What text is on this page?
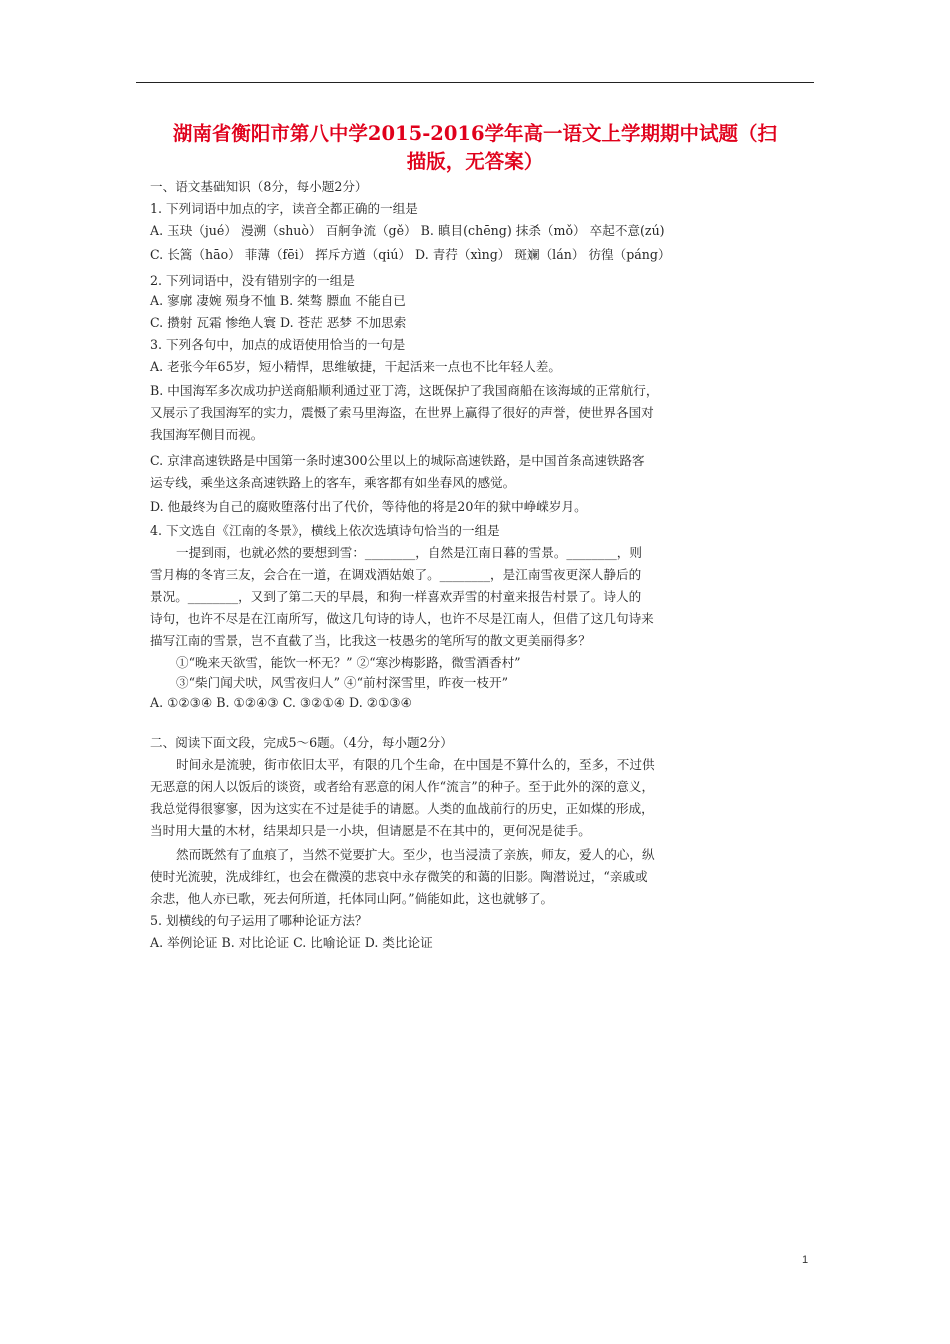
湖南省衡阳市第八中学2015-2016学年高一语文上学期期中试题（扫
描版，无答案）
一、语文基础知识（8分，每小题2分）
1. 下列词语中加点的字，读音全都正确的一组是
A. 玉玦（jué） 漫溯（shuò） 百舸争流（gě） B. 瞋目(chēng) 抹杀（mǒ） 卒起不意(zú)
C. 长篙（hāo） 菲薄（fēi） 挥斥方遒（qiú） D. 青荇（xìng） 斑斓（lán） 彷徨（páng）
2. 下列词语中，没有错别字的一组是
A. 寥廓 凄婉 殒身不恤 B. 桀骜 膘血 不能自已
C. 攒射 瓦霜 惨绝人寰 D. 苍茫 恶梦 不加思索
3. 下列各句中，加点的成语使用恰当的一句是
A. 老张今年65岁，短小精悍，思维敏捷，干起活来一点也不比年轻人差。
B. 中国海军多次成功护送商船顺利通过亚丁湾，这既保护了我国商船在该海域的正常航行，
又展示了我国海军的实力，震慑了索马里海盗，在世界上赢得了很好的声誉，使世界各国对
我国海军侧目而视。
C. 京津高速铁路是中国第一条时速300公里以上的城际高速铁路，是中国首条高速铁路客
运专线，乘坐这条高速铁路上的客车，乘客都有如坐春风的感觉。
D. 他最终为自己的腐败堕落付出了代价，等待他的将是20年的狱中峥嵘岁月。
4. 下文选自《江南的冬景》，横线上依次选填诗句恰当的一组是
一提到雨，也就必然的要想到雪：________，自然是江南日暮的雪景。________，则
雪月梅的冬宵三友，会合在一道，在调戏酒姑娘了。________，是江南雪夜更深人静后的
景况。________，又到了第二天的早晨，和狗一样喜欢弄雪的村童来报告村景了。诗人的
诗句，也许不尽是在江南所写，做这几句诗的诗人，也许不尽是江南人，但借了这几句诗来
描写江南的雪景，岂不直截了当，比我这一枝愚劣的笔所写的散文更美丽得多？
①“晚来天欲雪，能饮一杯无？” ②“寒沙梅影路，微雪酒香村”
③“柴门闻犬吠，风雪夜归人” ④“前村深雪里，昨夜一枝开”
A. ①②③④ B. ①②④③ C. ③②①④ D. ②①③④
二、阅读下面文段，完成5～6题。（4分，每小题2分）
时间永是流驶，街市依旧太平，有限的几个生命，在中国是不算什么的，至多，不过供
无恶意的闲人以饭后的谈资，或者给有恶意的闲人作“流言”的种子。至于此外的深的意义，
我总觉得很寥寥，因为这实在不过是徒手的请愿。人类的血战前行的历史，正如煤的形成，
当时用大量的木材，结果却只是一小块，但请愿是不在其中的，更何况是徒手。
然而既然有了血痕了，当然不觉要扩大。至少，也当浸渍了亲族，师友，爱人的心，纵
使时光流驶，洗成绯红，也会在微漠的悲哀中永存微笑的和蔼的旧影。陶潜说过，“亲戚或
余悲，他人亦已歌，死去何所道，托体同山阿。”倘能如此，这也就够了。
5. 划横线的句子运用了哪种论证方法？
A. 举例论证 B. 对比论证 C. 比喻论证 D. 类比论证
1
